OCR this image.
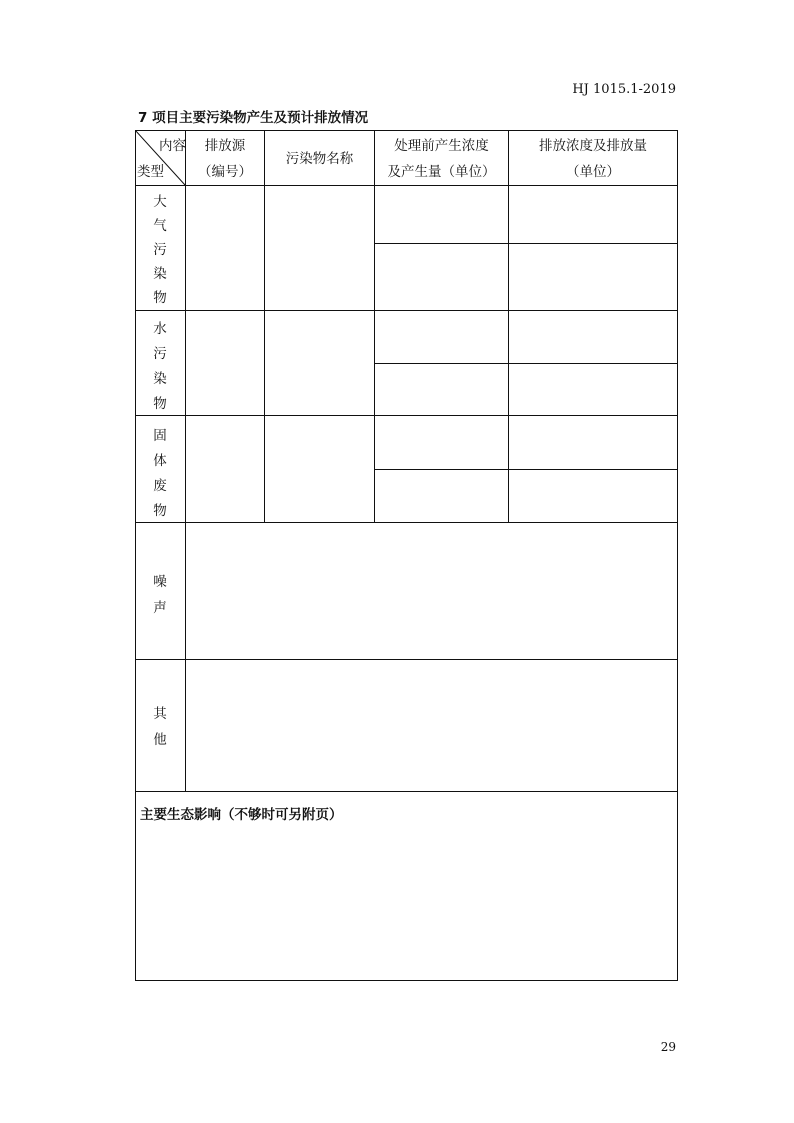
HJ 1015.1-2019
7 项目主要污染物产生及预计排放情况
内容
类型
排放源
（编号）
污染物名称
处理前产生浓度
及产生量（单位）
排放浓度及排放量
（单位）
大
气
污
染
物
水
污
染
物
固
体
废
物
噪
声
其
他
主要生态影响（不够时可另附页）
29
